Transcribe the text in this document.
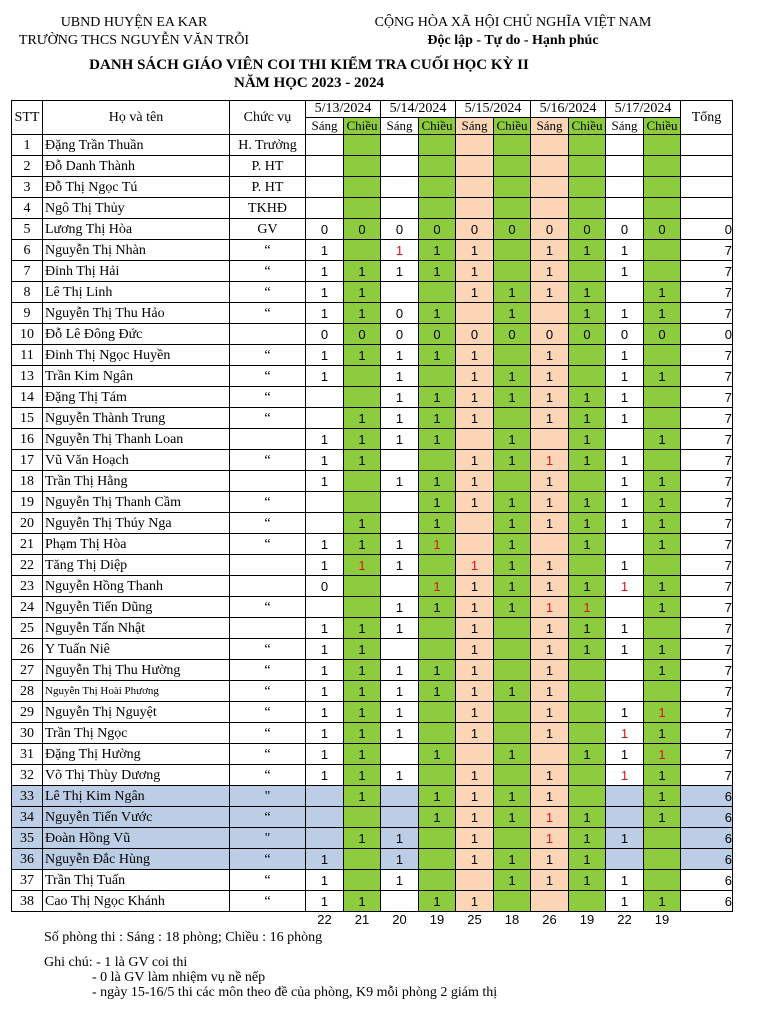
UBND HUYỆN EA KAR
TRƯỜNG THCS NGUYỄN VĂN TRỖI
CỘNG HÒA XÃ HỘI CHỦ NGHĨA VIỆT NAM
Độc lập - Tự do - Hạnh phúc
DANH SÁCH GIÁO VIÊN COI THI KIỂM TRA CUỐI HỌC KỲ II
NĂM HỌC 2023 - 2024
STT	Họ và tên	Chức vụ	5/13/2024		5/14/2024		5/15/2024		5/16/2024		5/17/2024		Tổng
			Sáng	Chiều	Sáng	Chiều	Sáng	Chiều	Sáng	Chiều	Sáng	Chiều	
1	Đặng Trần Thuần	H. Trưởng											
2	Đỗ Danh Thành	P. HT											
3	Đỗ Thị Ngọc Tú	P. HT											
4	Ngô Thị Thủy	TKHĐ											
5	Lương Thị Hòa	GV	0	0	0	0	0	0	0	0	0	0	0
6	Nguyễn Thị Nhàn	“	1		1	1	1		1	1	1		7
7	Đinh Thị Hải	“	1	1	1	1	1		1		1		7
8	Lê Thị Linh	“	1	1			1	1	1	1		1	7
9	Nguyễn Thị Thu Hảo	“	1	1	0	1		1		1	1	1	7
10	Đỗ Lê Đông Đức		0	0	0	0	0	0	0	0	0	0	0
11	Đinh Thị Ngọc Huyền	“	1	1	1	1	1		1		1		7
13	Trần Kim Ngân	“	1		1		1	1	1		1	1	7
14	Đặng Thị Tám	“			1	1	1	1	1	1	1		7
15	Nguyễn Thành Trung	“		1	1	1	1		1	1	1		7
16	Nguyễn Thị Thanh Loan		1	1	1	1		1		1		1	7
17	Vũ Văn Hoạch	“	1	1			1	1	1	1	1		7
18	Trần Thị Hằng		1		1	1	1		1		1	1	7
19	Nguyễn Thị Thanh Cầm	“				1	1	1	1	1	1	1	7
20	Nguyễn Thị Thúy Nga	“		1		1		1	1	1	1	1	7
21	Phạm Thị Hòa	“	1	1	1	1		1		1		1	7
22	Tăng Thị Diệp		1	1	1		1	1	1		1		7
23	Nguyễn Hồng Thanh		0			1	1	1	1	1	1	1	7
24	Nguyễn Tiến Dũng	“			1	1	1	1	1	1		1	7
25	Nguyễn Tấn Nhật		1	1	1		1		1	1	1		7
26	Y Tuấn Niê	“	1	1			1		1	1	1	1	7
27	Nguyễn Thị Thu Hường	“	1	1	1	1	1		1			1	7
28	Nguyễn Thị Hoài Phương	“	1	1	1	1	1	1	1				7
29	Nguyễn Thị Nguyệt	“	1	1	1		1		1		1	1	7
30	Trần Thị Ngọc	“	1	1	1		1		1		1	1	7
31	Đặng Thị Hường	“	1	1		1		1		1	1	1	7
32	Võ Thị Thùy Dương	“	1	1	1		1		1		1	1	7
33	Lê Thị Kim Ngân	"		1		1	1	1	1			1	6
34	Nguyễn Tiến Vước	“				1	1	1	1	1		1	6
35	Đoàn Hồng Vũ	"		1	1		1		1	1	1		6
36	Nguyễn Đắc Hùng	“	1		1		1	1	1	1			6
37	Trần Thị Tuấn	“	1		1			1	1	1	1		6
38	Cao Thị Ngọc Khánh	“	1	1		1	1				1	1	6
			22	21	20	19	25	18	26	19	22	19	
Số phòng thi : Sáng : 18 phòng; Chiều : 16 phòng
Ghi chú: - 1 là GV coi thi
- 0 là GV làm nhiệm vụ nề nếp
- ngày 15-16/5 thi các môn theo đề của phòng, K9 mỗi phòng 2 giám thị
